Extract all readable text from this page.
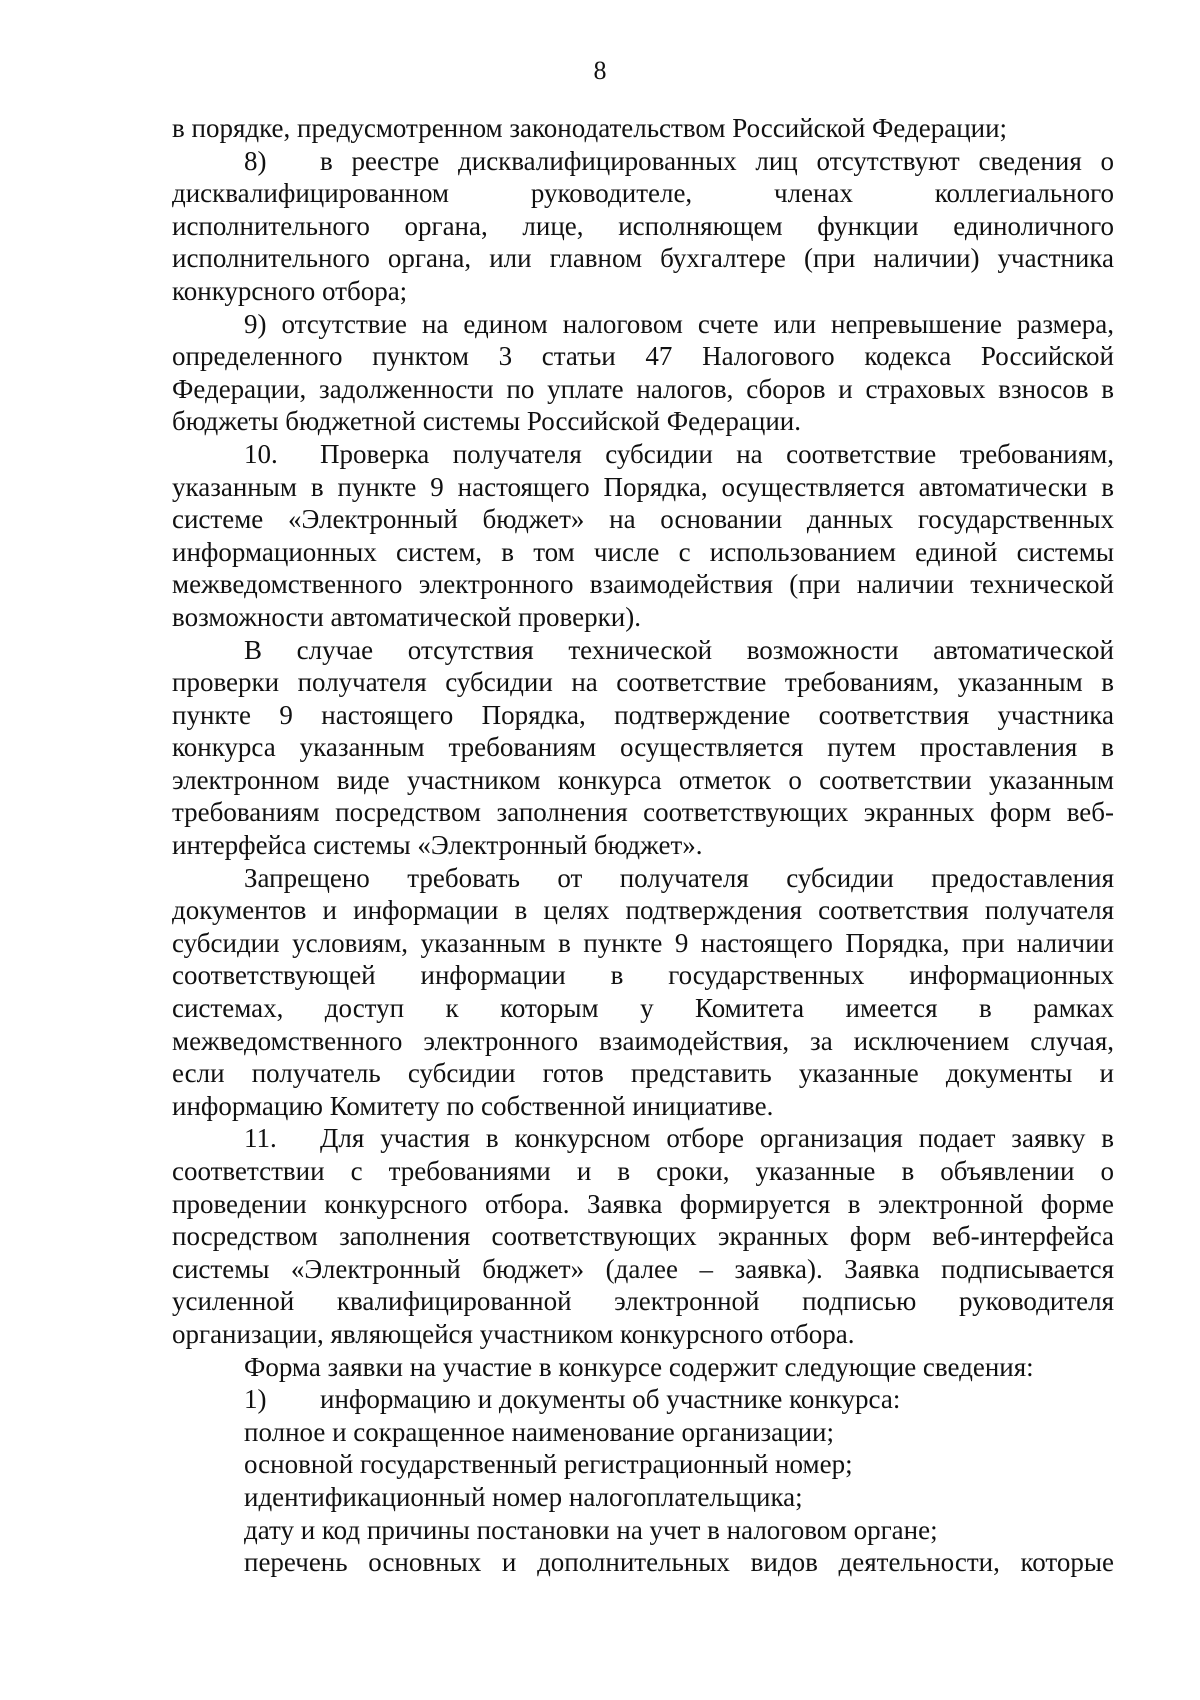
8
в порядке, предусмотренном законодательством Российской Федерации;
8) в реестре дисквалифицированных лиц отсутствуют сведения о
дисквалифицированном руководителе, членах коллегиального
исполнительного органа, лице, исполняющем функции единоличного
исполнительного органа, или главном бухгалтере (при наличии) участника
конкурсного отбора;
9) отсутствие на едином налоговом счете или непревышение размера,
определенного пунктом 3 статьи 47 Налогового кодекса Российской
Федерации, задолженности по уплате налогов, сборов и страховых взносов в
бюджеты бюджетной системы Российской Федерации.
10. Проверка получателя субсидии на соответствие требованиям,
указанным в пункте 9 настоящего Порядка, осуществляется автоматически в
системе «Электронный бюджет» на основании данных государственных
информационных систем, в том числе с использованием единой системы
межведомственного электронного взаимодействия (при наличии технической
возможности автоматической проверки).
В случае отсутствия технической возможности автоматической
проверки получателя субсидии на соответствие требованиям, указанным в
пункте 9 настоящего Порядка, подтверждение соответствия участника
конкурса указанным требованиям осуществляется путем проставления в
электронном виде участником конкурса отметок о соответствии указанным
требованиям посредством заполнения соответствующих экранных форм веб-
интерфейса системы «Электронный бюджет».
Запрещено требовать от получателя субсидии предоставления
документов и информации в целях подтверждения соответствия получателя
субсидии условиям, указанным в пункте 9 настоящего Порядка, при наличии
соответствующей информации в государственных информационных
системах, доступ к которым у Комитета имеется в рамках
межведомственного электронного взаимодействия, за исключением случая,
если получатель субсидии готов представить указанные документы и
информацию Комитету по собственной инициативе.
11. Для участия в конкурсном отборе организация подает заявку в
соответствии с требованиями и в сроки, указанные в объявлении о
проведении конкурсного отбора. Заявка формируется в электронной форме
посредством заполнения соответствующих экранных форм веб-интерфейса
системы «Электронный бюджет» (далее – заявка). Заявка подписывается
усиленной квалифицированной электронной подписью руководителя
организации, являющейся участником конкурсного отбора.
Форма заявки на участие в конкурсе содержит следующие сведения:
1) информацию и документы об участнике конкурса:
полное и сокращенное наименование организации;
основной государственный регистрационный номер;
идентификационный номер налогоплательщика;
дату и код причины постановки на учет в налоговом органе;
перечень основных и дополнительных видов деятельности, которые
